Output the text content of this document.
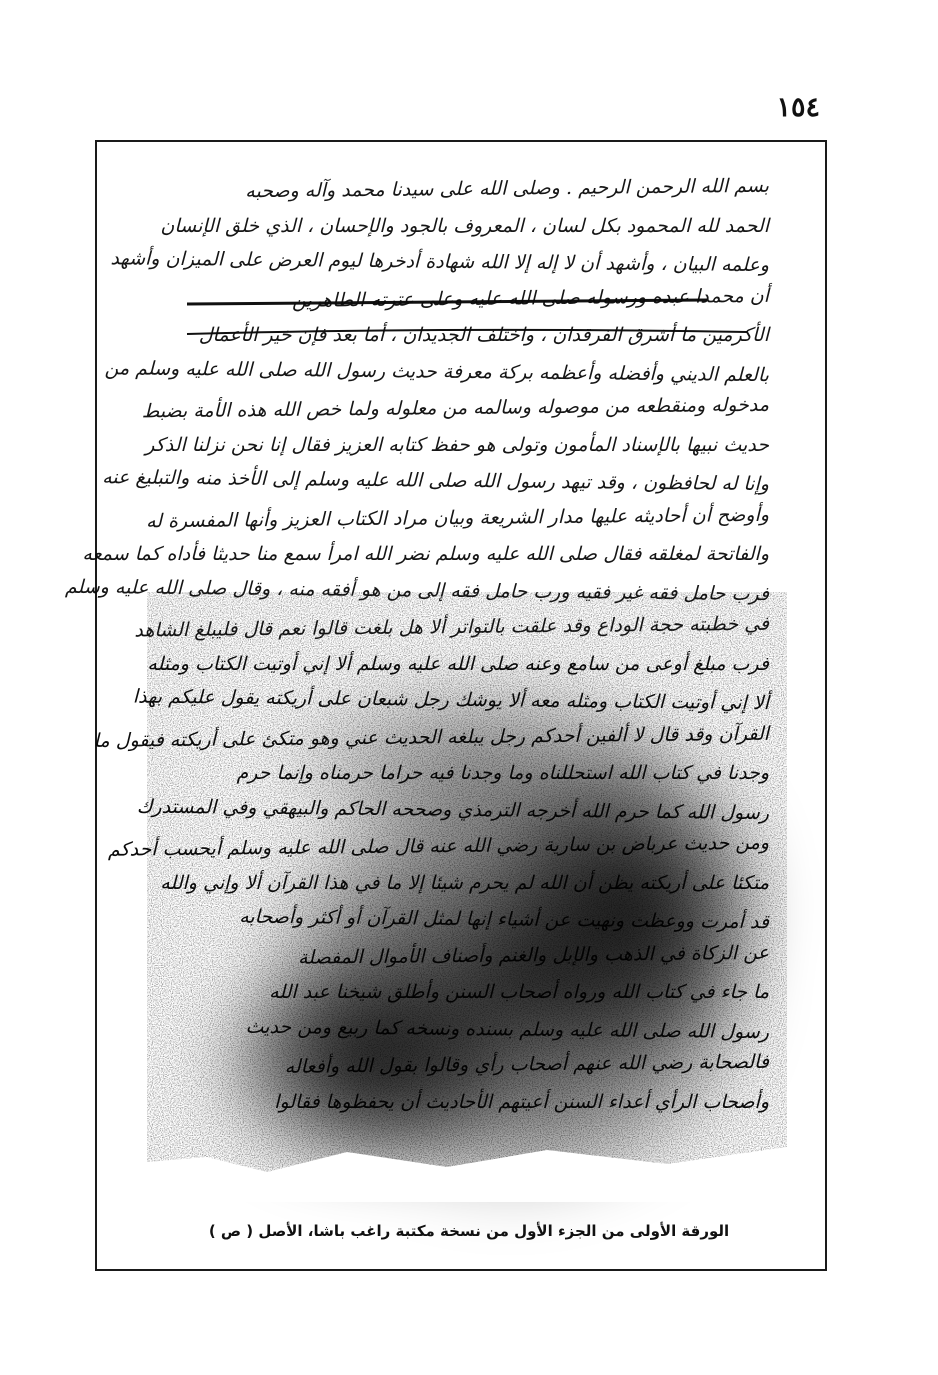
١٥٤
بسم الله الرحمن الرحيم . وصلى الله على سيدنا محمد وآله وصحبه
الحمد لله المحمود بكل لسان ، المعروف بالجود والإحسان ، الذي خلق الإنسان
وعلمه البيان ، وأشهد أن لا إله إلا الله شهادة أدخرها ليوم العرض على الميزان وأشهد
أن محمدا عبده ورسوله صلى الله عليه وعلى عترته الطاهرين
الأكرمين ما أشرق الفرقدان ، واختلف الجديدان ، أما بعد فإن خير الأعمال
بالعلم الديني وأفضله وأعظمه بركة معرفة حديث رسول الله صلى الله عليه وسلم من
مدخوله ومنقطعه من موصوله وسالمه من معلوله ولما خص الله هذه الأمة بضبط
حديث نبيها بالإسناد المأمون وتولى هو حفظ كتابه العزيز فقال إنا نحن نزلنا الذكر
وإنا له لحافظون ، وقد تيهد رسول الله صلى الله عليه وسلم إلى الأخذ منه والتبليغ عنه
وأوضح أن أحاديثه عليها مدار الشريعة وبيان مراد الكتاب العزيز وأنها المفسرة له
والفاتحة لمغلقه فقال صلى الله عليه وسلم نضر الله امرأ سمع منا حديثا فأداه كما سمعه
فرب حامل فقه غير فقيه ورب حامل فقه إلى من هو أفقه منه ، وقال صلى الله عليه وسلم
في خطبته حجة الوداع وقد علقت بالتواتر ألا هل بلغت قالوا نعم قال فليبلغ الشاهد
فرب مبلغ أوعى من سامع وعنه صلى الله عليه وسلم ألا إني أوتيت الكتاب ومثله
ألا إني أوتيت الكتاب ومثله معه ألا يوشك رجل شبعان على أريكته يقول عليكم بهذا
القرآن وقد قال لا ألفين أحدكم رجل يبلغه الحديث عني وهو متكئ على أريكته فيقول ما
وجدنا في كتاب الله استحللناه وما وجدنا فيه حراما حرمناه وإنما حرم
رسول الله كما حرم الله أخرجه الترمذي وصححه الحاكم والبيهقي وفي المستدرك
ومن حديث عرباض بن سارية رضي الله عنه قال صلى الله عليه وسلم أيحسب أحدكم
متكئا على أريكته يظن أن الله لم يحرم شيئا إلا ما في هذا القرآن ألا وإني والله
قد أمرت ووعظت ونهيت عن أشياء إنها لمثل القرآن أو أكثر وأصحابه
عن الزكاة في الذهب والإبل والغنم وأصناف الأموال المفصلة
ما جاء في كتاب الله ورواه أصحاب السنن وأطلق شيخنا عبد الله
رسول الله صلى الله عليه وسلم بسنده ونسخه كما ربيع ومن حديث
فالصحابة رضي الله عنهم أصحاب رأي وقالوا بقول الله وأفعاله
وأصحاب الرأي أعداء السنن أعيتهم الأحاديث أن يحفظوها فقالوا
الورقة الأولى من الجزء الأول من نسخة مكتبة راغب باشا، الأصل ( ص )
